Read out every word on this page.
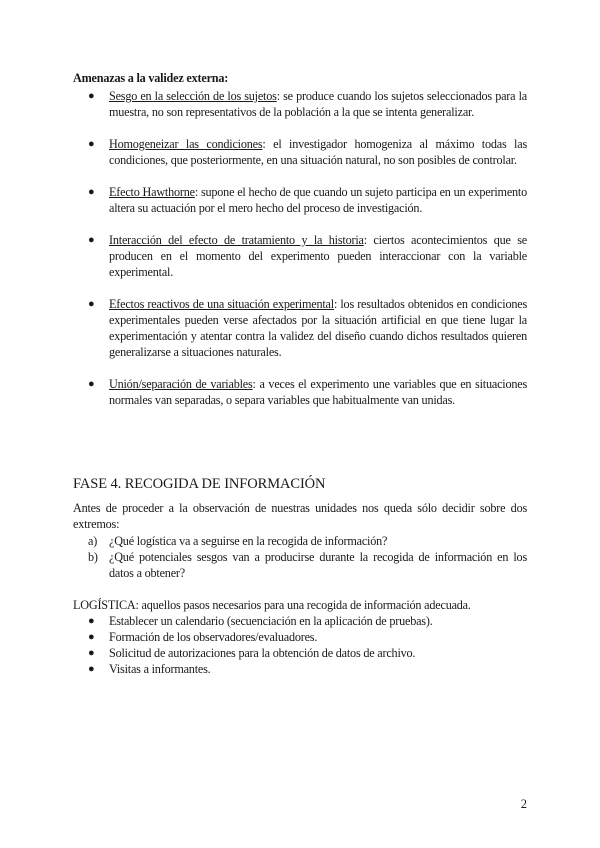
Amenazas a la validez externa:
● Sesgo en la selección de los sujetos: se produce cuando los sujetos seleccionados para la muestra, no son representativos de la población a la que se intenta generalizar.
● Homogeneizar las condiciones: el investigador homogeniza al máximo todas las condiciones, que posteriormente, en una situación natural, no son posibles de controlar.
● Efecto Hawthorne: supone el hecho de que cuando un sujeto participa en un experimento altera su actuación por el mero hecho del proceso de investigación.
● Interacción del efecto de tratamiento y la historia: ciertos acontecimientos que se producen en el momento del experimento pueden interaccionar con la variable experimental.
● Efectos reactivos de una situación experimental: los resultados obtenidos en condiciones experimentales pueden verse afectados por la situación artificial en que tiene lugar la experimentación y atentar contra la validez del diseño cuando dichos resultados quieren generalizarse a situaciones naturales.
● Unión/separación de variables: a veces el experimento une variables que en situaciones normales van separadas, o separa variables que habitualmente van unidas.
FASE 4. RECOGIDA DE INFORMACIÓN

Antes de proceder a la observación de nuestras unidades nos queda sólo decidir sobre dos extremos:

a) ¿Qué logística va a seguirse en la recogida de información?
b) ¿Qué potenciales sesgos van a producirse durante la recogida de información en los datos a obtener?

LOGÍSTICA: aquellos pasos necesarios para una recogida de información adecuada.

● Establecer un calendario (secuenciación en la aplicación de pruebas).
● Formación de los observadores/evaluadores.
● Solicitud de autorizaciones para la obtención de datos de archivo.
● Visitas a informantes.
2
